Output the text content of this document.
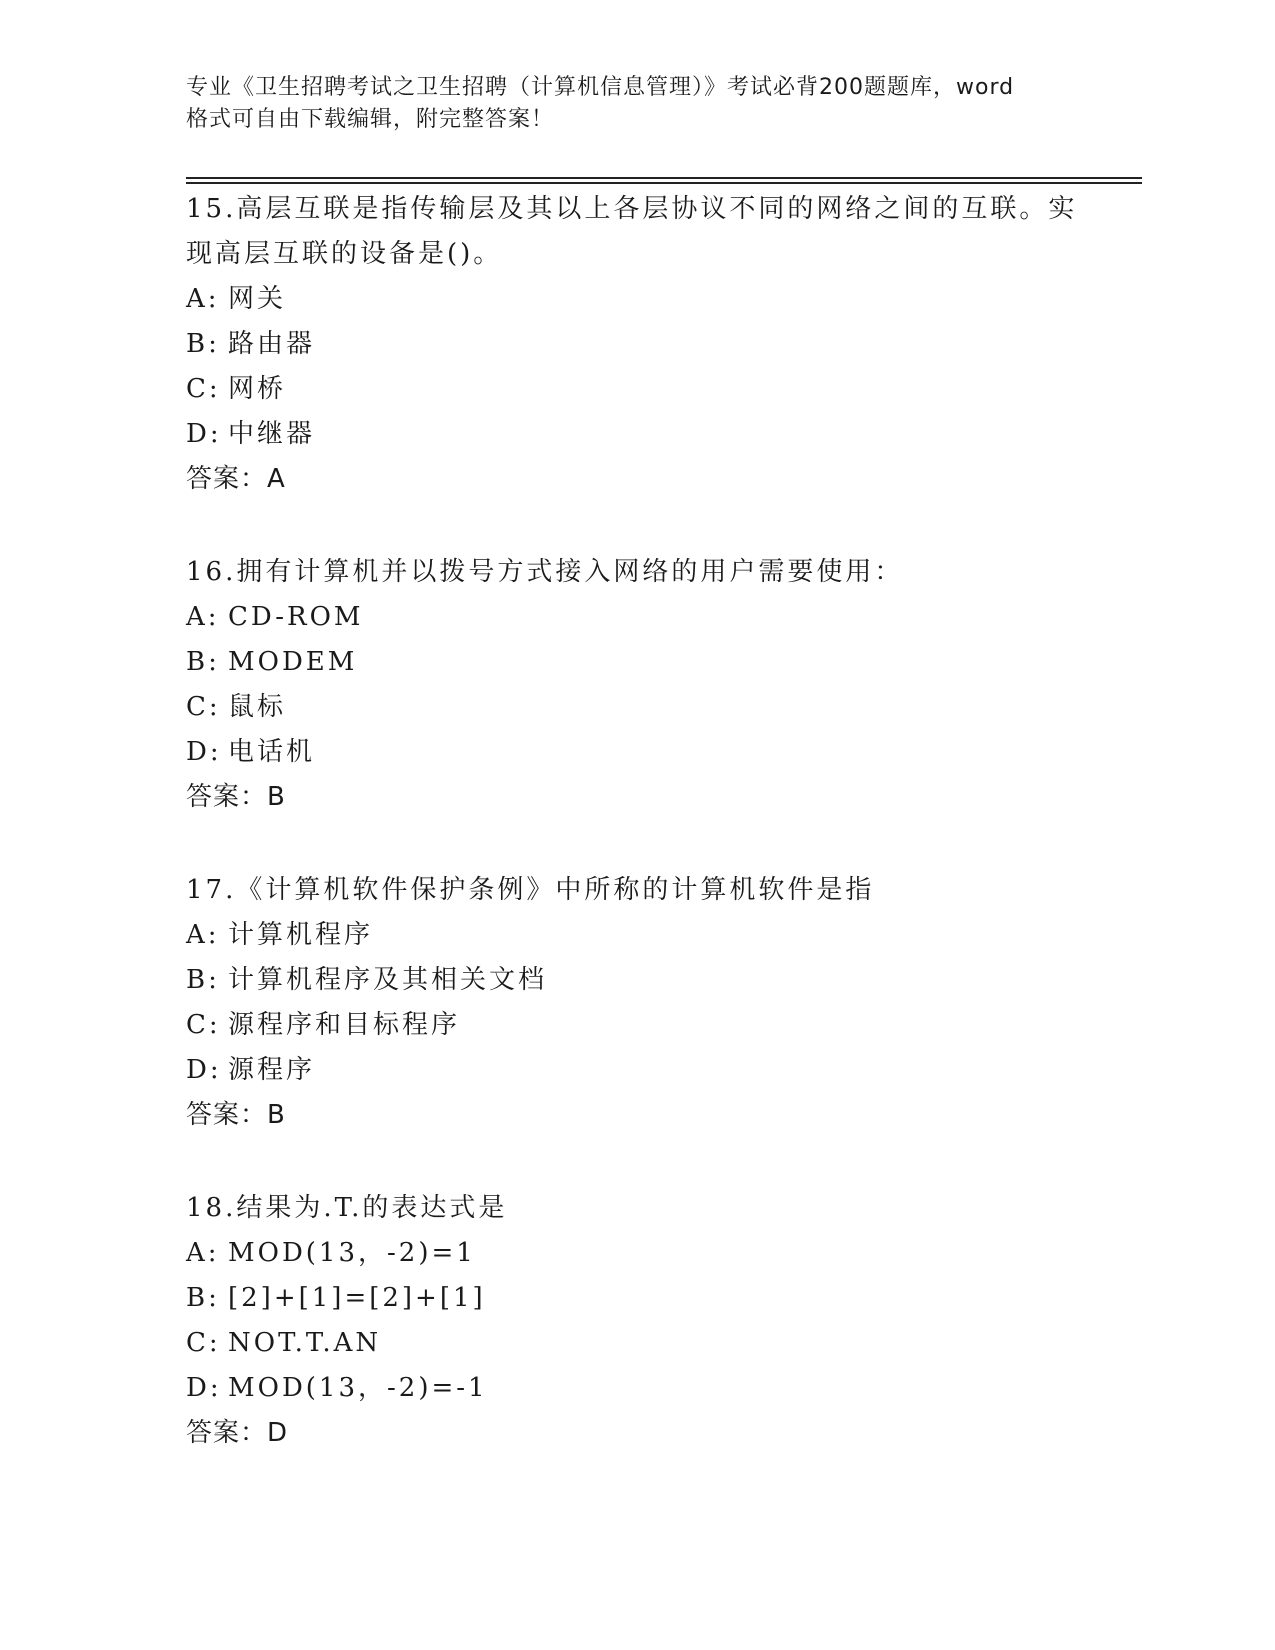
专业《卫生招聘考试之卫生招聘（计算机信息管理）》考试必背200题题库，word
格式可自由下载编辑，附完整答案！

15.高层互联是指传输层及其以上各层协议不同的网络之间的互联。实

现高层互联的设备是()。

A: 网关

B: 路由器

C: 网桥

D: 中继器

答案：A

16.拥有计算机并以拨号方式接入网络的用户需要使用：

A: CD-ROM

B: MODEM

C: 鼠标

D: 电话机

答案：B

17.《计算机软件保护条例》中所称的计算机软件是指

A: 计算机程序

B: 计算机程序及其相关文档

C: 源程序和目标程序

D: 源程序

答案：B

18.结果为.T.的表达式是

A: MOD(13，-2)=1

B: [2]+[1]=[2]+[1]

C: NOT.T.AN

D: MOD(13，-2)=-1

答案：D
